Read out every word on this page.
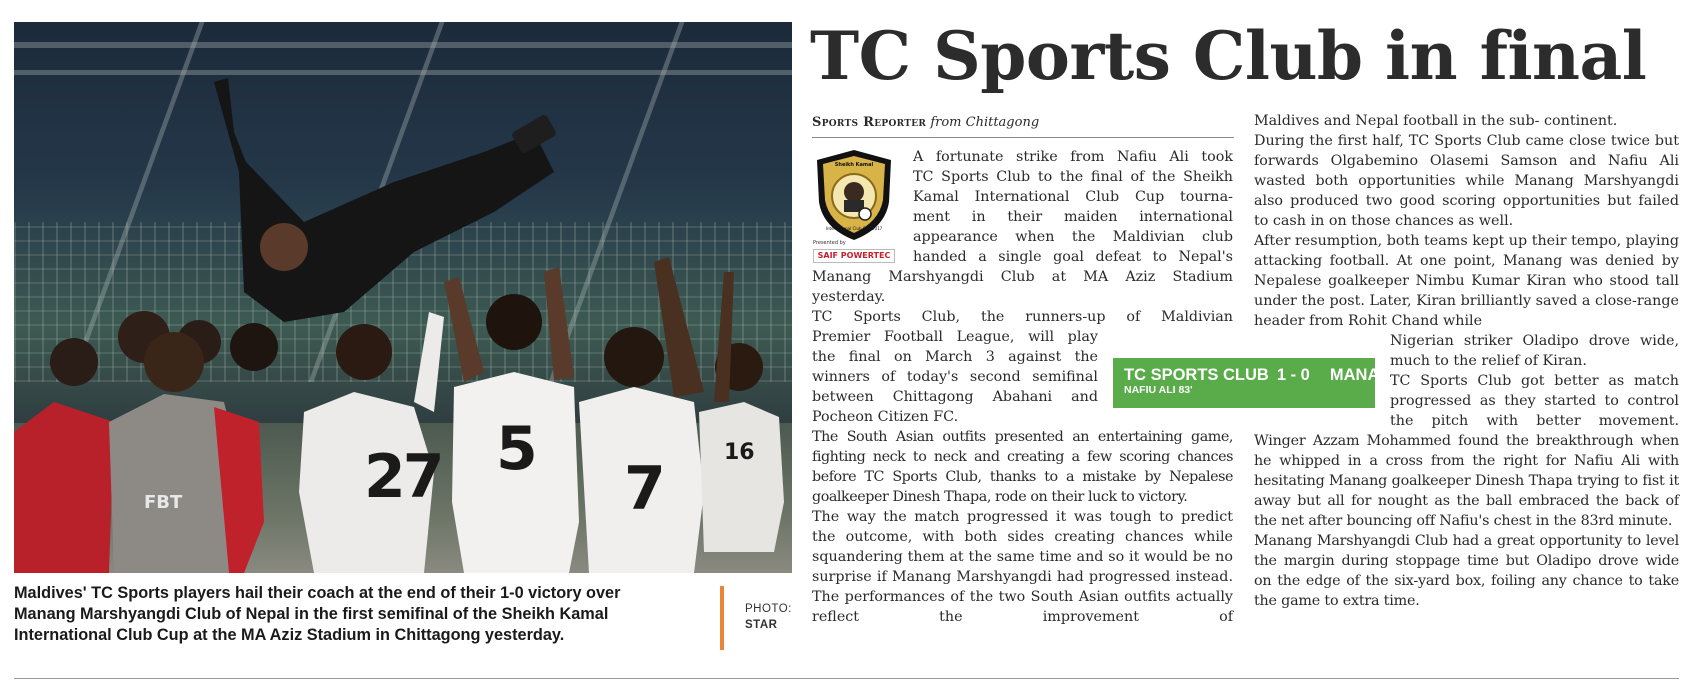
27 5
7
16
FBT
Maldives' TC Sports players hail their coach at the end of their 1-0 victory over Manang Marshyangdi Club of Nepal in the first semifinal of the Sheikh Kamal International Club Cup at the MA Aziz Stadium in Chittagong yesterday.
PHOTO:
STAR
TC Sports Club in final
Sports Reporter from Chittagong
Sheikh Kamal
International Club Cup 2017
Presented by
SAIF POWERTEC

A fortunate strike from Nafiu Ali took

TC Sports Club to the final of the Sheikh

Kamal International Club Cup tourna-

ment in their maiden international

appearance when the Maldivian club

handed a single goal defeat to Nepal's

Manang Marshyangdi Club at MA Aziz Stadium

yesterday.

TC Sports Club, the runners-up of Maldivian

Premier Football League, will play

the final on March 3 against the

winners of today's second semifinal

between Chittagong Abahani and

Pocheon Citizen FC.

The South Asian outfits presented an entertaining game, fighting neck to neck and creating a few scoring chances before TC Sports Club, thanks to a mistake by Nepalese goalkeeper Dinesh Thapa, rode on their luck to victory.

The way the match progressed it was tough to predict the outcome, with both sides creating chances while squandering them at the same time and so it would be no surprise if Manang Marshyangdi had progressed instead. The performances of the two South Asian outfits actually reflect the improvement of

TC SPORTS CLUB 1 - 0 MANANG
NAFIU ALI 83'

Maldives and Nepal football in the sub- continent.

During the first half, TC Sports Club came close twice but forwards Olgabemino Olasemi Samson and Nafiu Ali wasted both opportunities while Manang Marshyangdi also produced two good scoring opportunities but failed to cash in on those chances as well.

After resumption, both teams kept up their tempo, playing attacking football. At one point, Manang was denied by Nepalese goalkeeper Nimbu Kumar Kiran who stood tall under the post. Later, Kiran brilliantly saved a close-range header from Rohit Chand while

Nigerian striker Oladipo drove wide,

much to the relief of Kiran.

TC Sports Club got better as match

progressed as they started to control

the pitch with better movement.

Winger Azzam Mohammed found the breakthrough when he whipped in a cross from the right for Nafiu Ali with hesitating Manang goalkeeper Dinesh Thapa trying to fist it away but all for nought as the ball embraced the back of the net after bouncing off Nafiu's chest in the 83rd minute.

Manang Marshyangdi Club had a great opportunity to level the margin during stoppage time but Oladipo drove wide on the edge of the six-yard box, foiling any chance to take the game to extra time.
